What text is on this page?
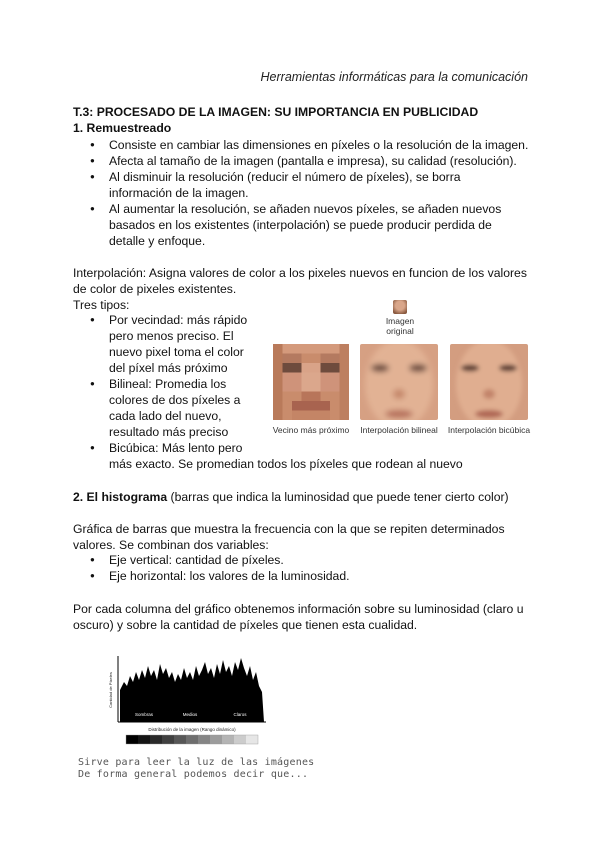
Herramientas informáticas para la comunicación
T.3: PROCESADO DE LA IMAGEN: SU IMPORTANCIA EN PUBLICIDAD
1. Remuestreado
● Consiste en cambiar las dimensiones en píxeles o la resolución de la imagen.
● Afecta al tamaño de la imagen (pantalla e impresa), su calidad (resolución).
● Al disminuir la resolución (reducir el número de píxeles), se borra información de la imagen.
● Al aumentar la resolución, se añaden nuevos píxeles, se añaden nuevos basados en los existentes (interpolación) se puede producir perdida de detalle y enfoque.
Interpolación: Asigna valores de color a los pixeles nuevos en funcion de los valores
de color de pixeles existentes.
Tres tipos:
● Por vecindad: más rápido pero menos preciso. El nuevo pixel toma el color del píxel más próximo
● Bilineal: Promedia los colores de dos píxeles a cada lado del nuevo, resultado más preciso
● Bicúbica: Más lento pero
más exacto. Se promedian todos los píxeles que rodean al nuevo
Imagen
original
Vecino más próximo	Interpolación bilineal	Interpolación bicúbica
2. El histograma (barras que indica la luminosidad que puede tener cierto color)
Gráfica de barras que muestra la frecuencia con la que se repiten determinados
valores. Se combinan dos variables:
● Eje vertical: cantidad de píxeles.
● Eje horizontal: los valores de la luminosidad.
Por cada columna del gráfico obtenemos información sobre su luminosidad (claro u
oscuro) y sobre la cantidad de píxeles que tienen esta cualidad.
Cantidad de Píxeles
Sombras	Medios	Claros
Distribución de la imagen (Rango dinámico)
Sirve para leer la luz de las imágenes
De forma general podemos decir que...
